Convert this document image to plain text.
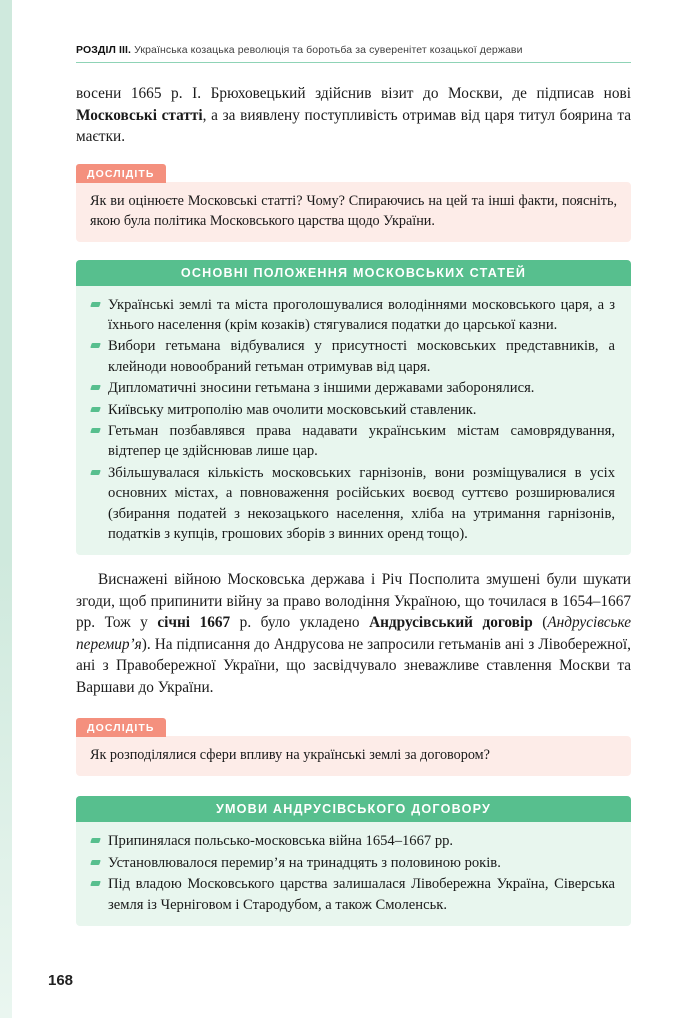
РОЗДІЛ III. Українська козацька революція та боротьба за суверенітет козацької держави

восени 1665 р. І. Брюховецький здійснив візит до Москви, де підписав нові Московські статті, а за виявлену поступливість отримав від царя титул боярина та маєтки.

ДОСЛІДІТЬ
Як ви оцінюєте Московські статті? Чому? Спираючись на цей та інші факти, поясніть, якою була політика Московського царства щодо України.
ОСНОВНІ ПОЛОЖЕННЯ МОСКОВСЬКИХ СТАТЕЙ
Українські землі та міста проголошувалися володіннями московського царя, а з їхнього населення (крім козаків) стягувалися податки до царської казни.
Вибори гетьмана відбувалися у присутності московських представників, а клейноди новообраний гетьман отримував від царя.
Дипломатичні зносини гетьмана з іншими державами заборонялися.
Київську митрополію мав очолити московський ставленик.
Гетьман позбавлявся права надавати українським містам самоврядування, відтепер це здійснював лише цар.
Збільшувалася кількість московських гарнізонів, вони розміщувалися в усіх основних містах, а повноваження російських воєвод суттєво розширювалися (збирання податей з некозацького населення, хліба на утримання гарнізонів, податків з купців, грошових зборів з винних оренд тощо).

Виснажені війною Московська держава і Річ Посполита змушені були шукати згоди, щоб припинити війну за право володіння Україною, що точилася в 1654–1667 рр. Тож у січні 1667 р. було укладено Андрусівський договір (Андрусівське перемир’я). На підписання до Андрусова не запросили гетьманів ані з Лівобережної, ані з Правобережної України, що засвідчувало зневажливе ставлення Москви та Варшави до України.

ДОСЛІДІТЬ
Як розподілялися сфери впливу на українські землі за договором?
УМОВИ АНДРУСІВСЬКОГО ДОГОВОРУ
Припинялася польсько-московська війна 1654–1667 рр.
Установлювалося перемир’я на тринадцять з половиною років.
Під владою Московського царства залишалася Лівобережна Україна, Сіверська земля із Черніговом і Стародубом, а також Смоленськ.
168
